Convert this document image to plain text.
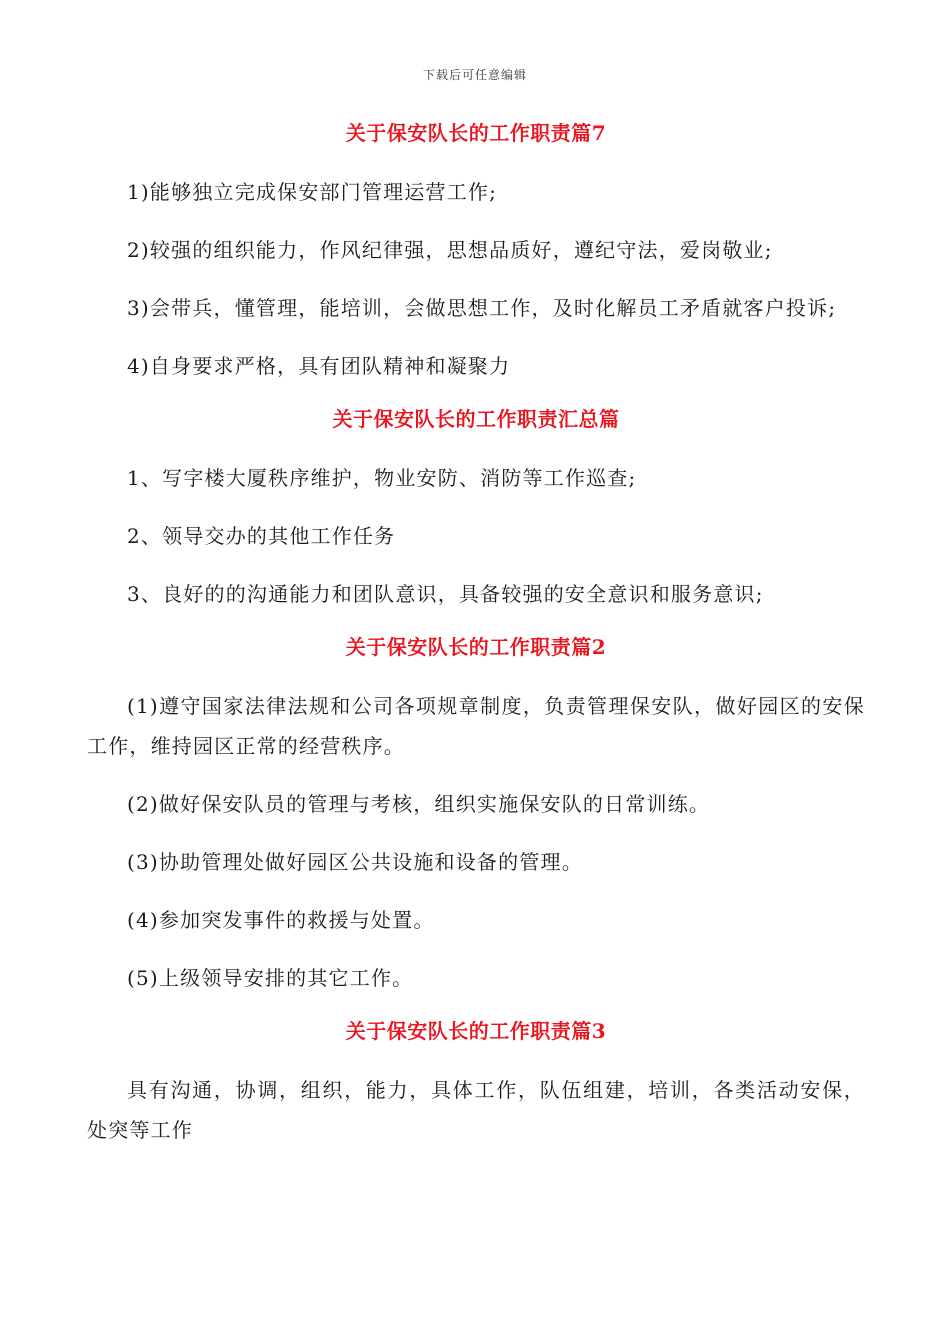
下载后可任意编辑
关于保安队长的工作职责篇7

1)能够独立完成保安部门管理运营工作;

2)较强的组织能力，作风纪律强，思想品质好，遵纪守法，爱岗敬业;

3)会带兵，懂管理，能培训，会做思想工作，及时化解员工矛盾就客户投诉;

4)自身要求严格，具有团队精神和凝聚力

关于保安队长的工作职责汇总篇

1、写字楼大厦秩序维护，物业安防、消防等工作巡查;

2、领导交办的其他工作任务

3、良好的的沟通能力和团队意识，具备较强的安全意识和服务意识;

关于保安队长的工作职责篇2

(1)遵守国家法律法规和公司各项规章制度，负责管理保安队，做好园区的安保工作，维持园区正常的经营秩序。

(2)做好保安队员的管理与考核，组织实施保安队的日常训练。

(3)协助管理处做好园区公共设施和设备的管理。

(4)参加突发事件的救援与处置。

(5)上级领导安排的其它工作。

关于保安队长的工作职责篇3

具有沟通，协调，组织，能力，具体工作，队伍组建，培训，各类活动安保，处突等工作
